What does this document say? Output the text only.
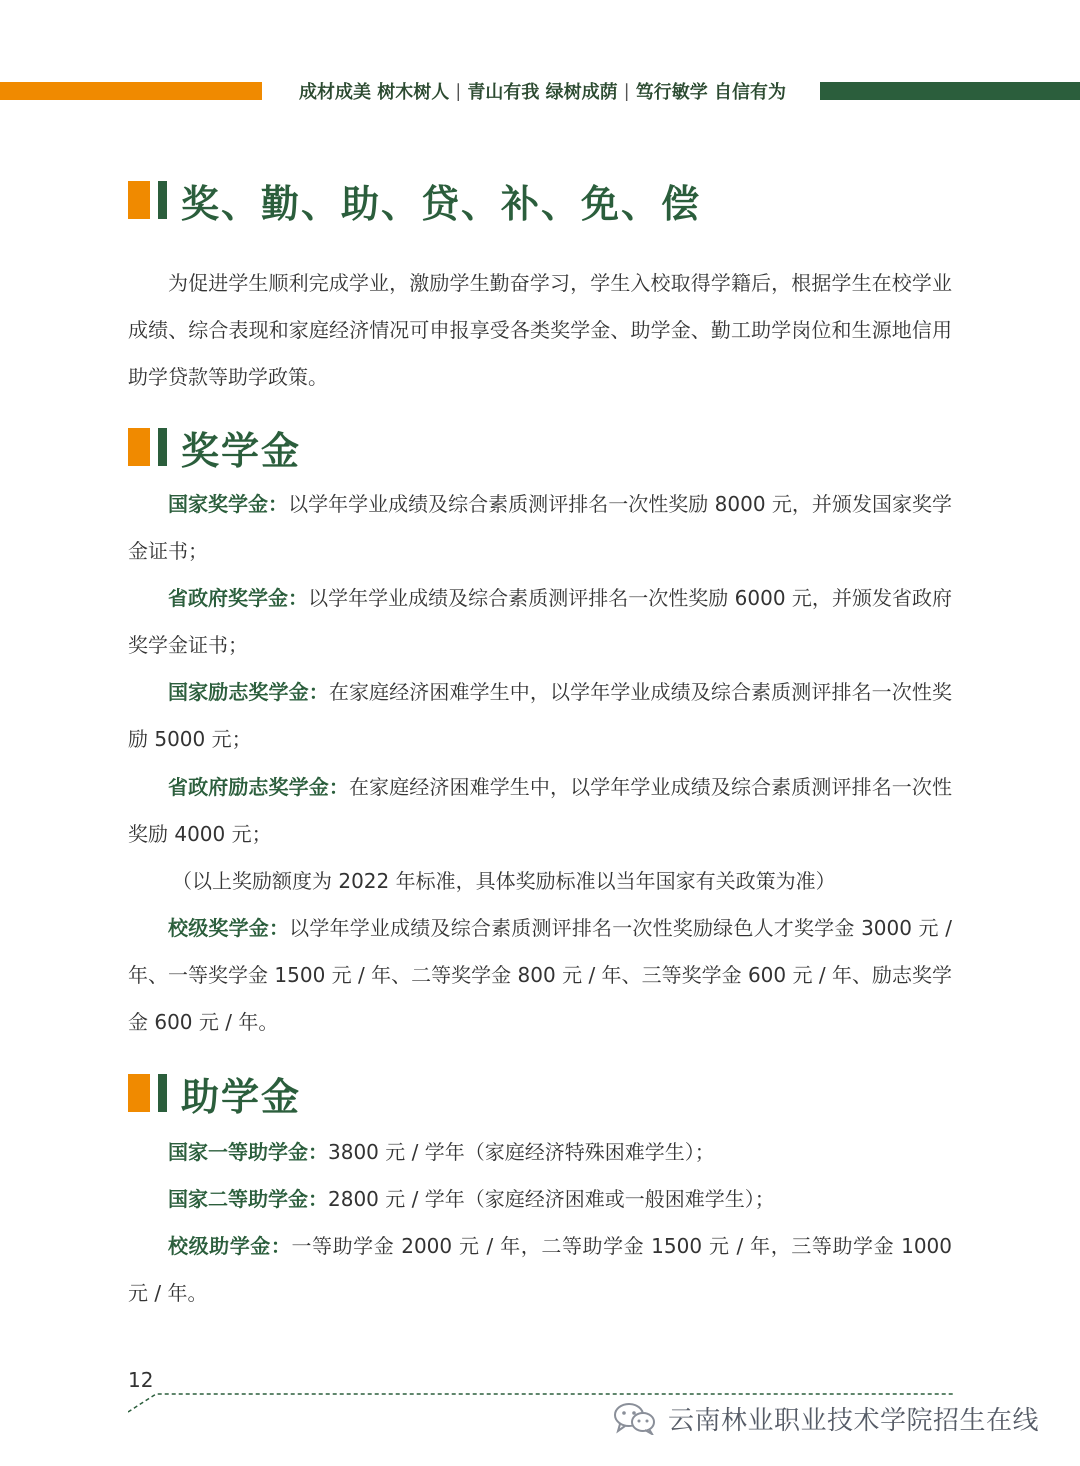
成材成美 树木树人 | 青山有我 绿树成荫 | 笃行敏学 自信有为
奖、勤、助、贷、补、免、偿

为促进学生顺利完成学业，激励学生勤奋学习，学生入校取得学籍后，根据学生在校学业成绩、综合表现和家庭经济情况可申报享受各类奖学金、助学金、勤工助学岗位和生源地信用助学贷款等助学政策。

奖学金

国家奖学金：以学年学业成绩及综合素质测评排名一次性奖励 8000 元，并颁发国家奖学金证书；

省政府奖学金：以学年学业成绩及综合素质测评排名一次性奖励 6000 元，并颁发省政府奖学金证书；

国家励志奖学金：在家庭经济困难学生中，以学年学业成绩及综合素质测评排名一次性奖励 5000 元；

省政府励志奖学金：在家庭经济困难学生中，以学年学业成绩及综合素质测评排名一次性奖励 4000 元；

（以上奖励额度为 2022 年标准，具体奖励标准以当年国家有关政策为准）

校级奖学金：以学年学业成绩及综合素质测评排名一次性奖励绿色人才奖学金 3000 元 / 年、一等奖学金 1500 元 / 年、二等奖学金 800 元 / 年、三等奖学金 600 元 / 年、励志奖学金 600 元 / 年。

助学金

国家一等助学金：3800 元 / 学年（家庭经济特殊困难学生）；

国家二等助学金：2800 元 / 学年（家庭经济困难或一般困难学生）；

校级助学金：一等助学金 2000 元 / 年，二等助学金 1500 元 / 年，三等助学金 1000 元 / 年。

12
云南林业职业技术学院招生在线
